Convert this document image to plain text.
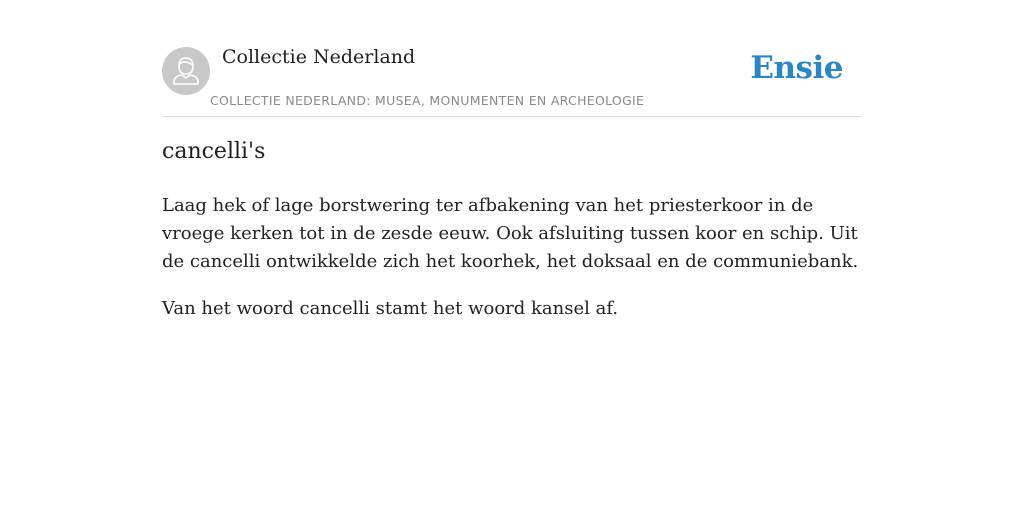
Collectie Nederland
COLLECTIE NEDERLAND: MUSEA, MONUMENTEN EN ARCHEOLOGIE
Ensie
cancelli's

Laag hek of lage borstwering ter afbakening van het priesterkoor in de vroege kerken tot in de zesde eeuw. Ook afsluiting tussen koor en schip. Uit de cancelli ontwikkelde zich het koorhek, het doksaal en de communiebank.

Van het woord cancelli stamt het woord kansel af.
